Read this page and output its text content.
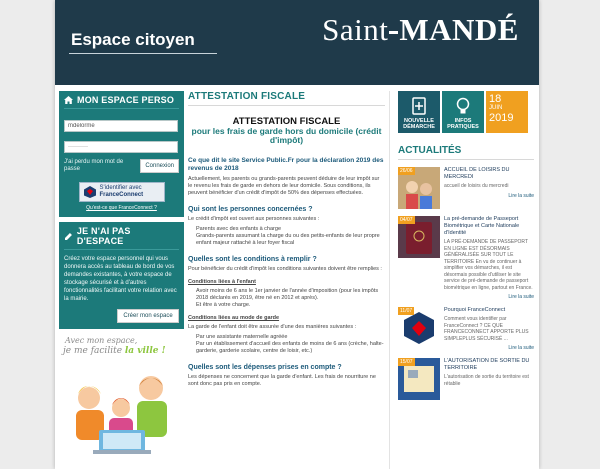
Espace citoyen	Saint MANDÉ
MON ESPACE PERSO
mdelorme ··········
J'ai perdu mon mot de passe	Connexion
S'identifier avec
FranceConnect
Qu'est-ce que FranceConnect ?
JE N'AI PAS D'ESPACE
Créez votre espace personnel qui vous donnera accès au tableau de bord de vos demandes existantes, à votre espace de stockage sécurisé et à d'autres fonctionnalités facilitant votre relation avec la mairie.
Créer mon espace
Avec mon espace,
je me facilite la ville !
ATTESTATION FISCALE
ATTESTATION FISCALE
pour les frais de garde hors du domicile (crédit d'impôt)
Ce que dit le site Service Public.Fr pour la déclaration 2019 des revenus de 2018
Actuellement, les parents ou grands-parents peuvent déduire de leur impôt sur le revenu les frais de garde en dehors de leur domicile. Sous conditions, ils peuvent bénéficier d'un crédit d'impôt de 50% des dépenses effectuées.
Qui sont les personnes concernées ?
Le crédit d'impôt est ouvert aux personnes suivantes :
• Parents avec des enfants à charge
• Grands-parents assumant la charge du ou des petits-enfants de leur propre enfant majeur rattaché à leur foyer fiscal
Quelles sont les conditions à remplir ?
Pour bénéficier du crédit d'impôt les conditions suivantes doivent être remplies :
Conditions liées à l'enfant
• Avoir moins de 6 ans le 1er janvier de l'année d'imposition (pour les impôts 2018 déclarés en 2019, être né en 2012 et après).
• Et être à votre charge.
Conditions liées au mode de garde
La garde de l'enfant doit être assurée d'une des manières suivantes :
• Par une assistante maternelle agréée
• Par un établissement d'accueil des enfants de moins de 6 ans (crèche, halte-garderie, garderie scolaire, centre de loisir, etc.)
Quelles sont les dépenses prises en compte ?
Les dépenses ne concernent que la garde d'enfant. Les frais de nourriture ne sont donc pas pris en compte.
NOUVELLE DÉMARCHE
INFOS PRATIQUES
18
JUIN
2019
ACTUALITÉS
26/06	ACCUEIL DE LOISIRS DU MERCREDI
accueil de loisirs du mercredi
Lire la suite
04/07	La pré-demande de Passeport Biométrique et Carte Nationale d'Identité
LA PRÉ-DEMANDE DE PASSEPORT EN LIGNE EST DÉSORMAIS GÉNÉRALISÉE SUR TOUT LE TERRITOIRE En vu de continuer à simplifier vos démarches, il est désormais possible d'utiliser le site service de pré-demande de passeport biométrique en ligne, partout en France.
Lire la suite
11/07	Pourquoi FranceConnect
Comment vous identifier par FranceConnect ? CE QUE FRANCECONNECT APPORTE PLUS SIMPLEPLUS SÉCURISÉ ...
Lire la suite
15/07	L'AUTORISATION DE SORTIE DU TERRITOIRE
L'autorisation de sortie du territoire est rétablie
